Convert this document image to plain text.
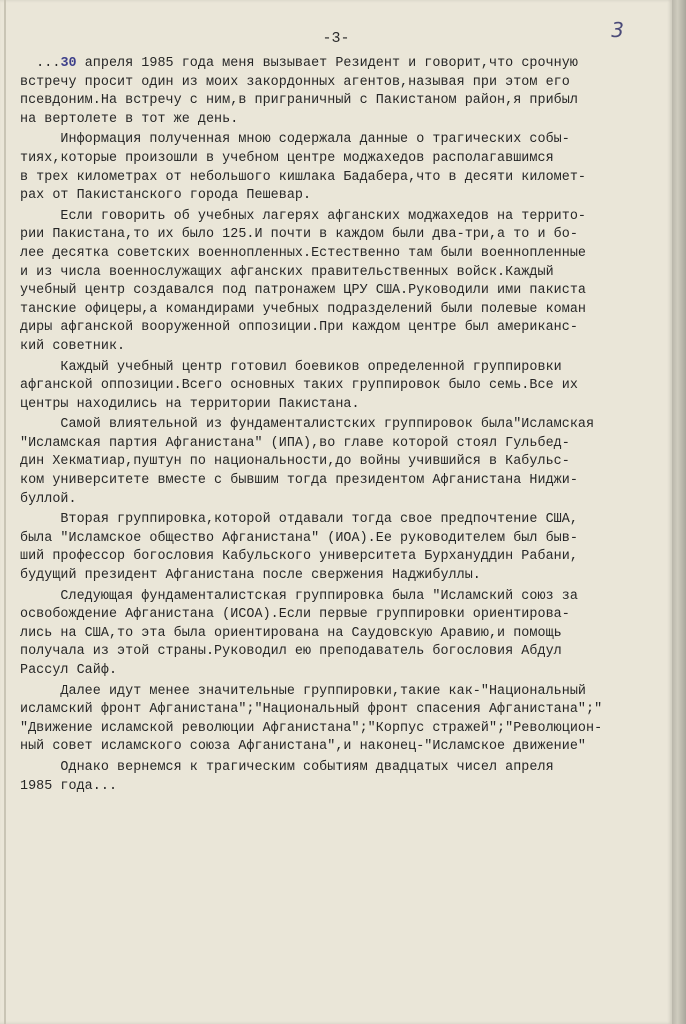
-3-	3
...30 апреля 1985 года меня вызывает Резидент и говорит,что срочную
встречу просит один из моих закордонных агентов,называя при этом его
псевдоним.На встречу с ним,в приграничный с Пакистаном район,я прибыл
на вертолете в тот же день.
Информация полученная мною содержала данные о трагических собы-
тиях,которые произошли в учебном центре моджахедов располагавшимся
в трех километрах от небольшого кишлака Бадабера,что в десяти километ-
рах от Пакистанского города Пешевар.
Если говорить об учебных лагерях афганских моджахедов на террито-
рии Пакистана,то их было 125.И почти в каждом были два-три,а то и бо-
лее десятка советских военнопленных.Естественно там были военнопленные
и из числа военнослужащих афганских правительственных войск.Каждый
учебный центр создавался под патронажем ЦРУ США.Руководили ими пакиста
танские офицеры,а командирами учебных подразделений были полевые коман
диры афганской вооруженной оппозиции.При каждом центре был американс-
кий советник.
Каждый учебный центр готовил боевиков определенной группировки
афганской оппозиции.Всего основных таких группировок было семь.Все их
центры находились на территории Пакистана.
Самой влиятельной из фундаменталистских группировок была"Исламская
"Исламская партия Афганистана" (ИПА),во главе которой стоял Гульбед-
дин Хекматиар,пуштун по национальности,до войны учившийся в Кабульс-
ком университете вместе с бывшим тогда президентом Афганистана Ниджи-
буллой.
Вторая группировка,которой отдавали тогда свое предпочтение США,
была "Исламское общество Афганистана" (ИОА).Ее руководителем был быв-
ший профессор богословия Кабульского университета Бурхануддин Рабани,
будущий президент Афганистана после свержения Наджибуллы.
Следующая фундаменталистская группировка была "Исламский союз за
освобождение Афганистана (ИСОА).Если первые группировки ориентирова-
лись на США,то эта была ориентирована на Саудовскую Аравию,и помощь
получала из этой страны.Руководил ею преподаватель богословия Абдул
Рассул Сайф.
Далее идут менее значительные группировки,такие как-"Национальный
исламский фронт Афганистана";"Национальный фронт спасения Афганистана";"
"Движение исламской революции Афганистана";"Корпус стражей";"Революцион-
ный совет исламского союза Афганистана",и наконец-"Исламское движение"
Однако вернемся к трагическим событиям двадцатых чисел апреля
1985 года...
